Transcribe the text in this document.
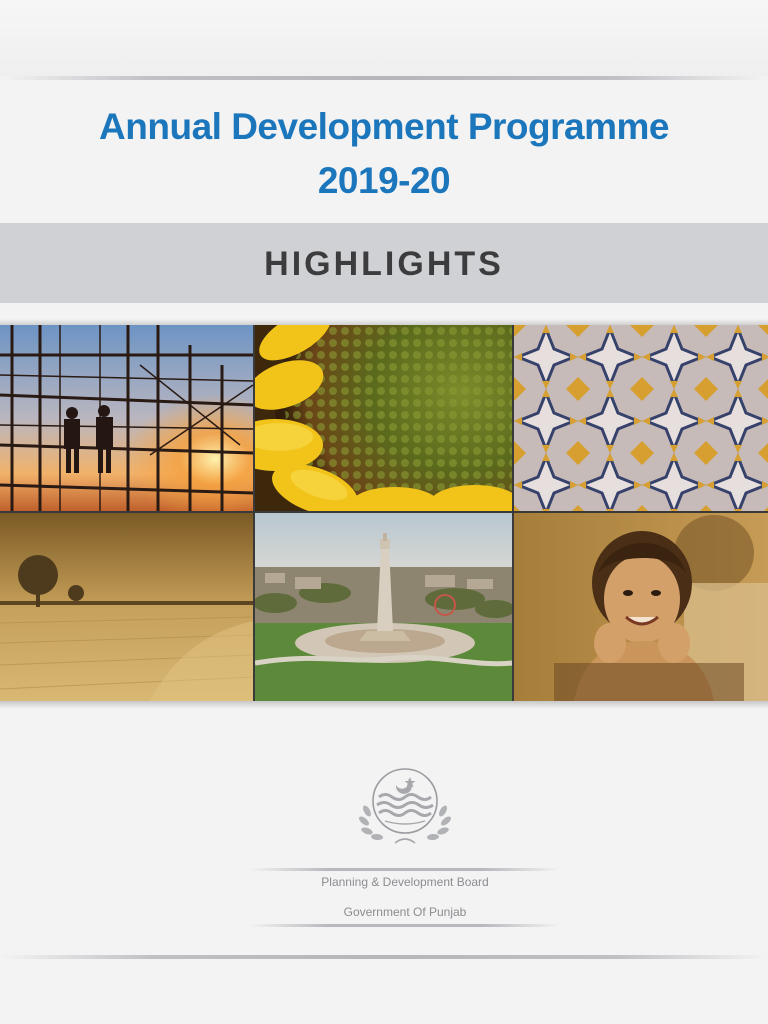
Annual Development Programme
2019-20
HIGHLIGHTS
Planning & Development Board
Government Of Punjab
